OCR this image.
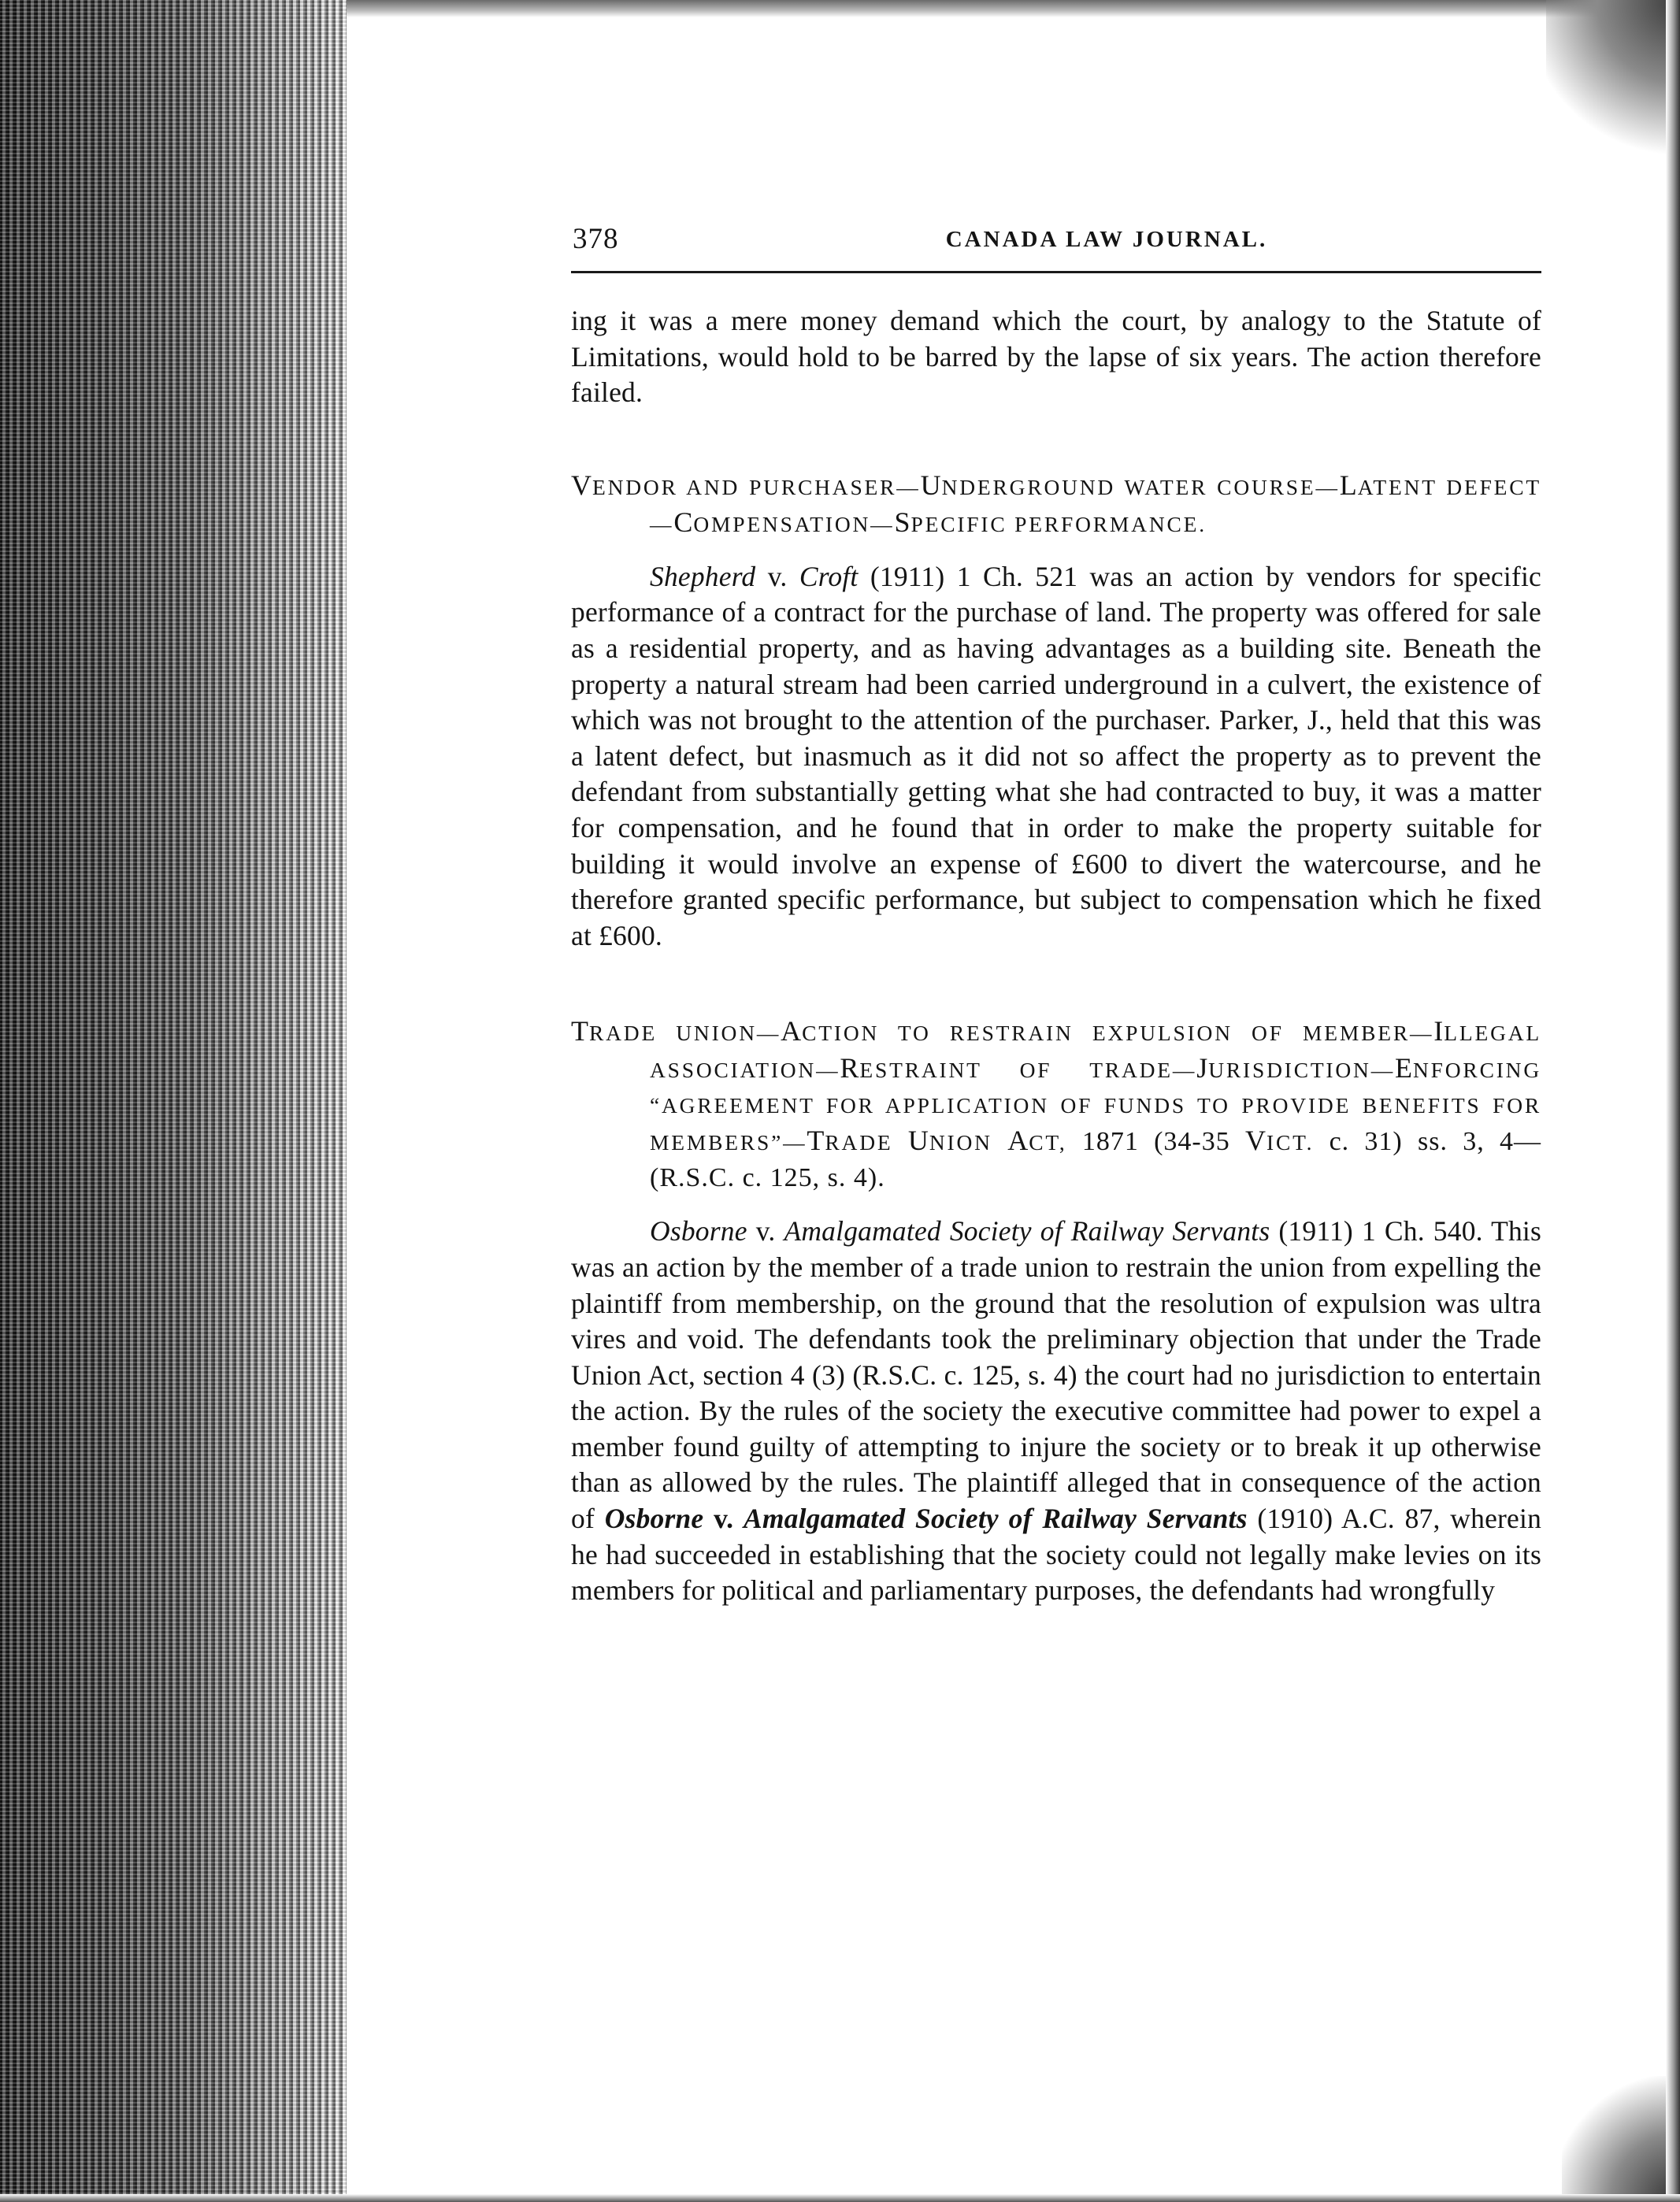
378	CANADA LAW JOURNAL.

ing it was a mere money demand which the court, by analogy to the Statute of Limitations, would hold to be barred by the lapse of six years. The action therefore failed.

VENDOR AND PURCHASER—UNDERGROUND WATER COURSE—LATENT DEFECT—COMPENSATION—SPECIFIC PERFORMANCE.

Shepherd v. Croft (1911) 1 Ch. 521 was an action by vendors for specific performance of a contract for the purchase of land. The property was offered for sale as a residential property, and as having advantages as a building site. Beneath the property a natural stream had been carried underground in a culvert, the existence of which was not brought to the attention of the purchaser. Parker, J., held that this was a latent defect, but inasmuch as it did not so affect the property as to prevent the defendant from substantially getting what she had contracted to buy, it was a matter for compensation, and he found that in order to make the property suitable for building it would involve an expense of £600 to divert the watercourse, and he therefore granted specific performance, but subject to compensation which he fixed at £600.

TRADE UNION—ACTION TO RESTRAIN EXPULSION OF MEMBER—ILLEGAL ASSOCIATION—RESTRAINT OF TRADE—JURISDICTION—ENFORCING “AGREEMENT FOR APPLICATION OF FUNDS TO PROVIDE BENEFITS FOR MEMBERS”—TRADE UNION ACT, 1871 (34-35 VICT. c. 31) ss. 3, 4—(R.S.C. c. 125, s. 4).

Osborne v. Amalgamated Society of Railway Servants (1911) 1 Ch. 540. This was an action by the member of a trade union to restrain the union from expelling the plaintiff from membership, on the ground that the resolution of expulsion was ultra vires and void. The defendants took the preliminary objection that under the Trade Union Act, section 4 (3) (R.S.C. c. 125, s. 4) the court had no jurisdiction to entertain the action. By the rules of the society the executive committee had power to expel a member found guilty of attempting to injure the society or to break it up otherwise than as allowed by the rules. The plaintiff alleged that in consequence of the action of Osborne v. Amalgamated Society of Railway Servants (1910) A.C. 87, wherein he had succeeded in establishing that the society could not legally make levies on its members for political and parliamentary purposes, the defendants had wrongfully
